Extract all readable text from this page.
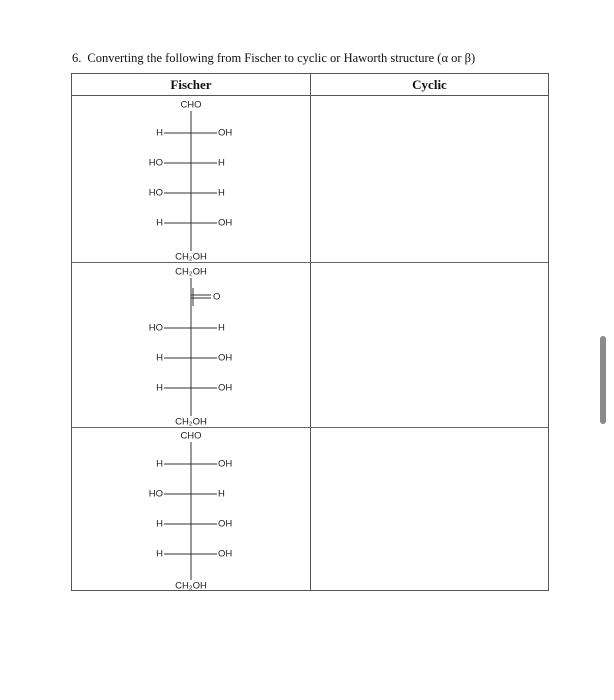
6. Converting the following from Fischer to cyclic or Haworth structure (α or β)
Fischer	Cyclic
CHO
H	OH
HO	H
HO	H
H	OH
CH₂OH
CH₂OH
O
HO	H
H	OH
H	OH
CH₂OH
CHO
H	OH
HO	H
H	OH
H	OH
CH₂OH
